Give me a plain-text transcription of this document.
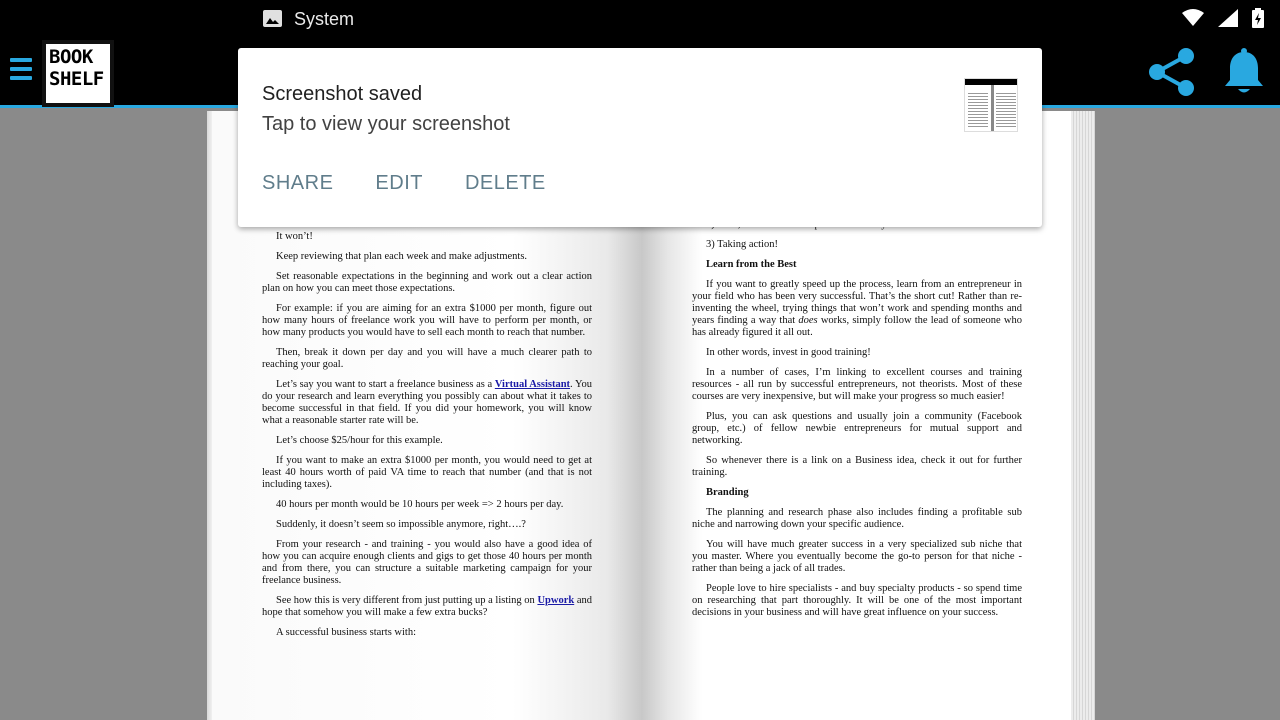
It won’t!

Keep reviewing that plan each week and make adjustments.

Set reasonable expectations in the beginning and work out a clear action plan on how you can meet those expectations.

For example: if you are aiming for an extra $1000 per month, figure out how many hours of freelance work you will have to perform per month, or how many products you would have to sell each month to reach that number.

Then, break it down per day and you will have a much clearer path to reaching your goal.

Let’s say you want to start a freelance business as a Virtual Assistant. You do your research and learn everything you possibly can about what it takes to become successful in that field. If you did your homework, you will know what a reasonable starter rate will be.

Let’s choose $25/hour for this example.

If you want to make an extra $1000 per month, you would need to get at least 40 hours worth of paid VA time to reach that number (and that is not including taxes).

40 hours per month would be 10 hours per week => 2 hours per day.

Suddenly, it doesn’t seem so impossible anymore, right….?

From your research - and training - you would also have a good idea of how you can acquire enough clients and gigs to get those 40 hours per month and from there, you can structure a suitable marketing campaign for your freelance business.

See how this is very different from just putting up a listing on Upwork and hope that somehow you will make a few extra bucks?

A successful business starts with:

3) Taking action!

Learn from the Best

If you want to greatly speed up the process, learn from an entrepreneur in your field who has been very successful. That’s the short cut! Rather than re-inventing the wheel, trying things that won’t work and spending months and years finding a way that does works, simply follow the lead of someone who has already figured it all out.

In other words, invest in good training!

In a number of cases, I’m linking to excellent courses and training resources - all run by successful entrepreneurs, not theorists. Most of these courses are very inexpensive, but will make your progress so much easier!

Plus, you can ask questions and usually join a community (Facebook group, etc.) of fellow newbie entrepreneurs for mutual support and networking.

So whenever there is a link on a Business idea, check it out for further training.

Branding

The planning and research phase also includes finding a profitable sub niche and narrowing down your specific audience.

You will have much greater success in a very specialized sub niche that you master. Where you eventually become the go-to person for that niche - rather than being a jack of all trades.

People love to hire specialists - and buy specialty products - so spend time on researching that part thoroughly. It will be one of the most important decisions in your business and will have great influence on your success.

BOOK
SHELF
System
Screenshot saved
Tap to view your screenshot
SHARE EDIT DELETE
